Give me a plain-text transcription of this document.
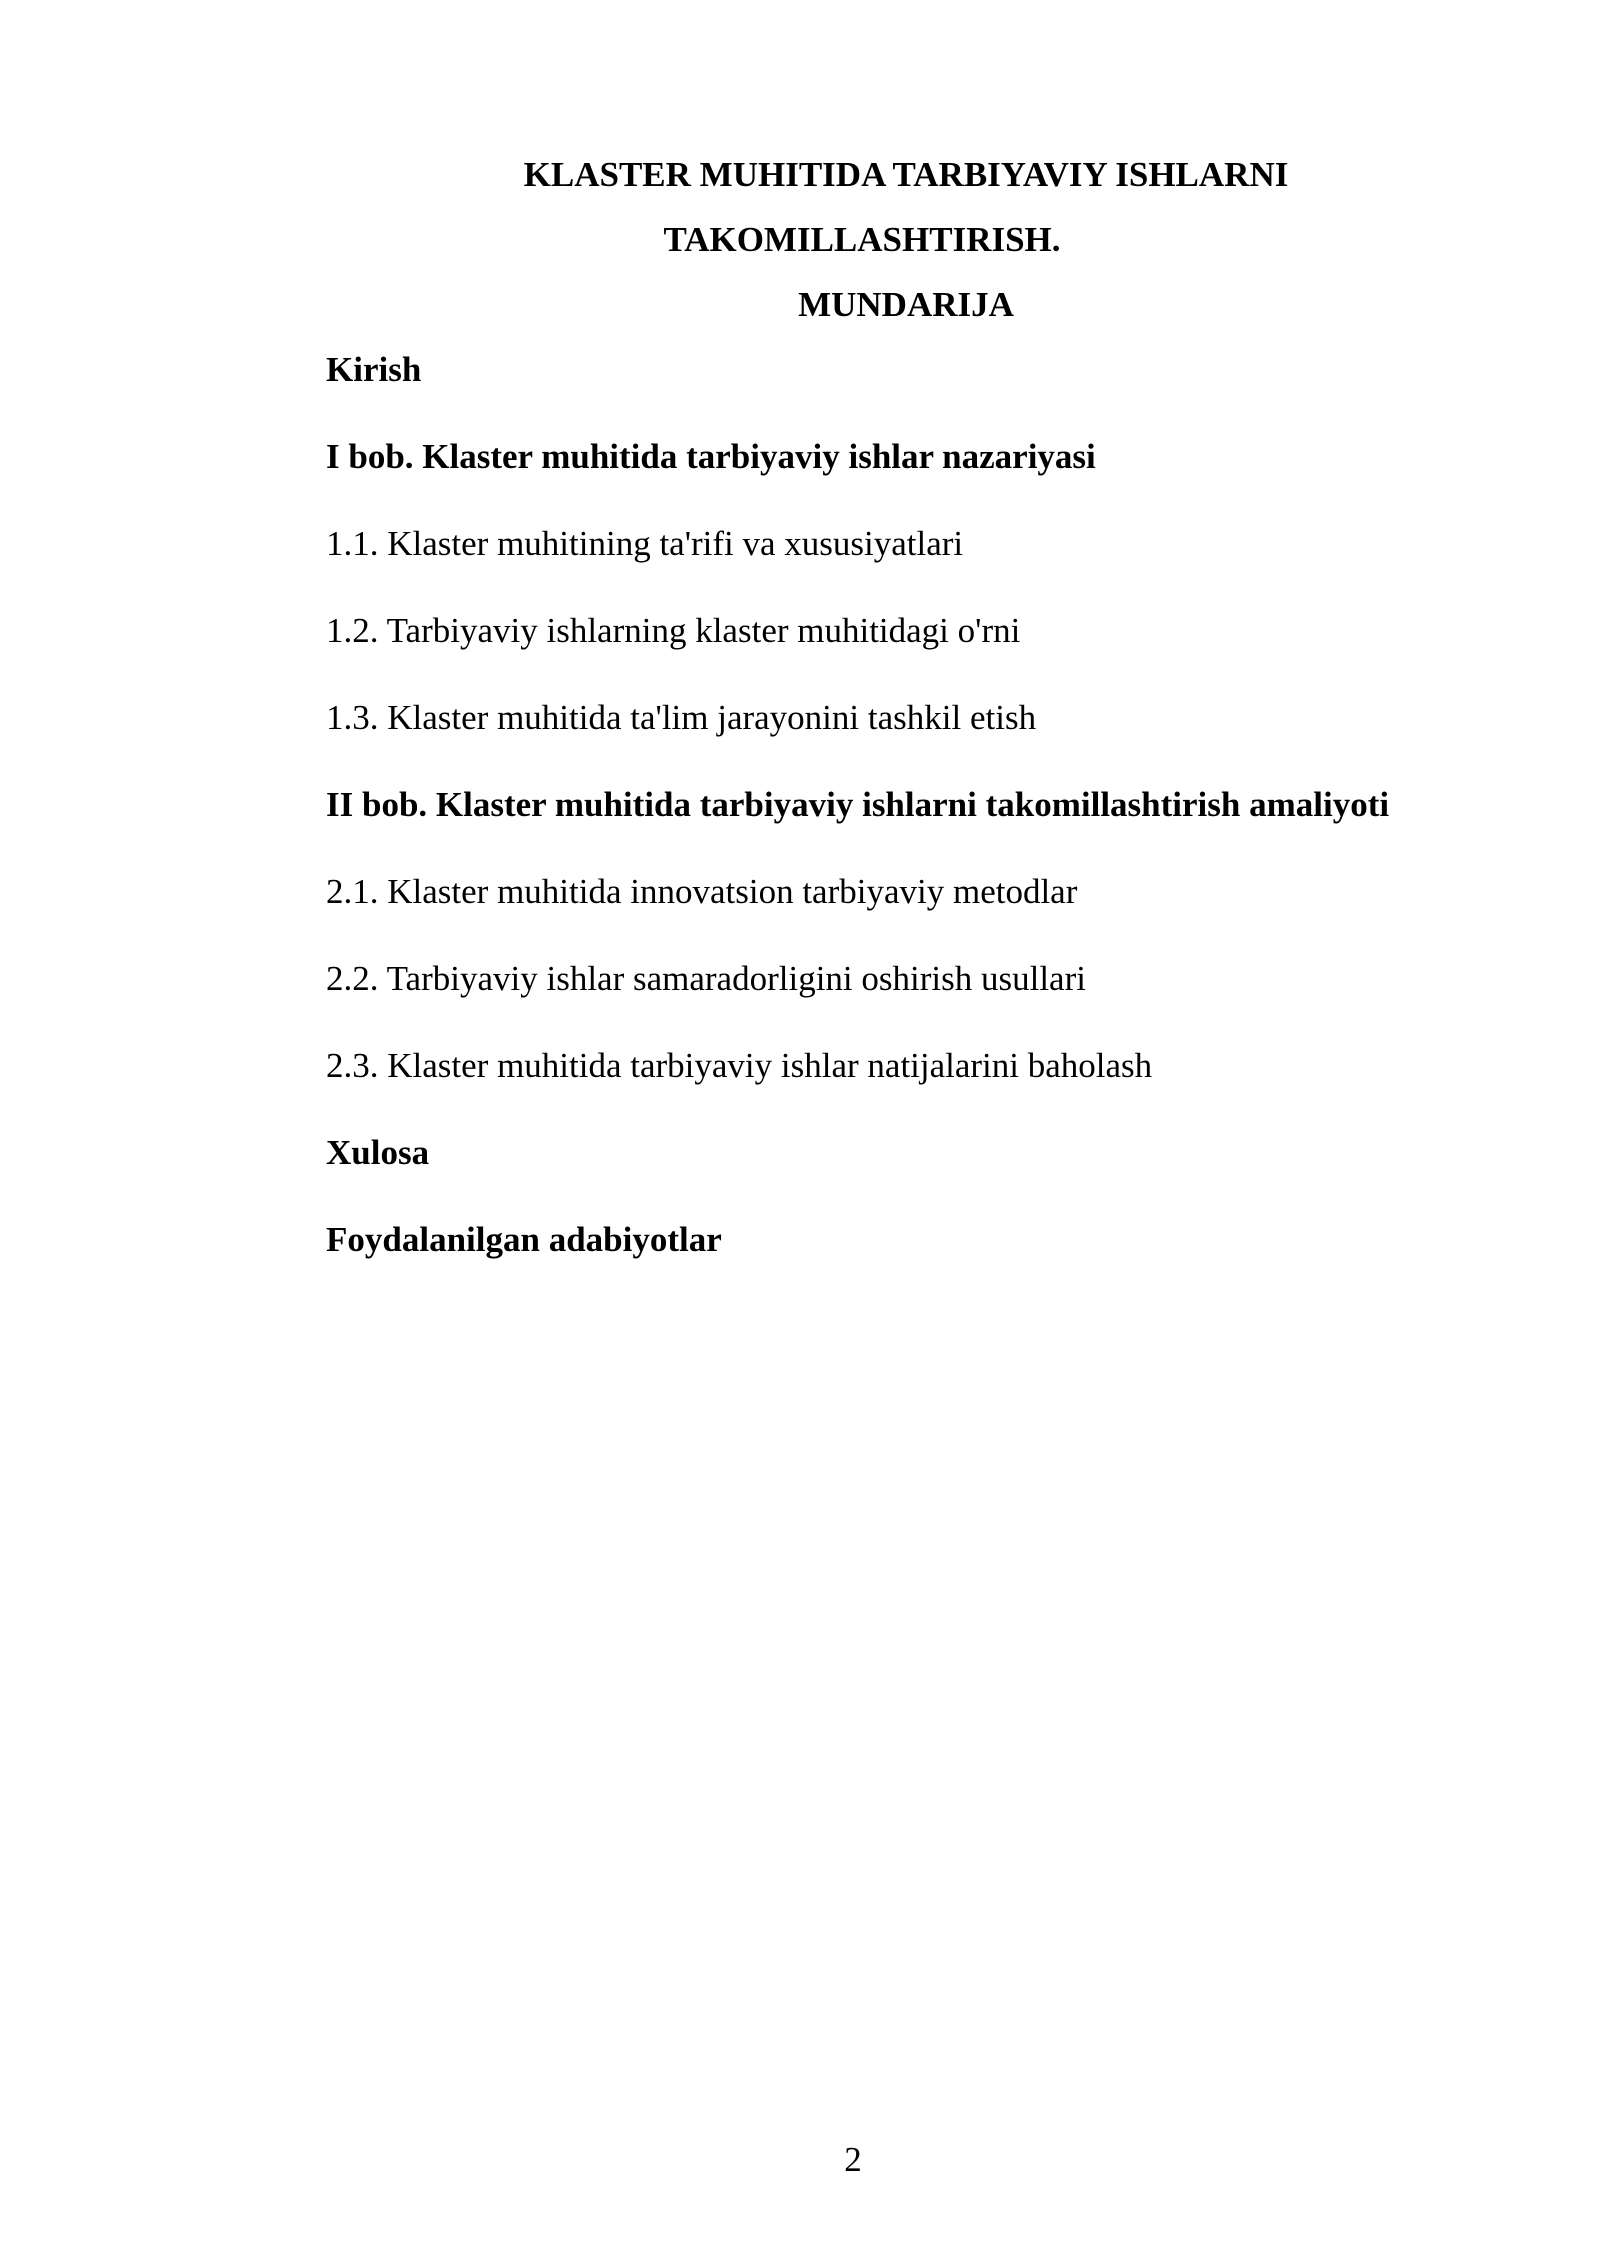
KLASTER MUHITIDA TARBIYAVIY ISHLARNI
TAKOMILLASHTIRISH.
MUNDARIJA
Kirish
I bob. Klaster muhitida tarbiyaviy ishlar nazariyasi
1.1. Klaster muhitining ta'rifi va xususiyatlari
1.2. Tarbiyaviy ishlarning klaster muhitidagi o'rni
1.3. Klaster muhitida ta'lim jarayonini tashkil etish
II bob. Klaster muhitida tarbiyaviy ishlarni takomillashtirish amaliyoti
2.1. Klaster muhitida innovatsion tarbiyaviy metodlar
2.2. Tarbiyaviy ishlar samaradorligini oshirish usullari
2.3. Klaster muhitida tarbiyaviy ishlar natijalarini baholash
Xulosa
Foydalanilgan adabiyotlar
2
